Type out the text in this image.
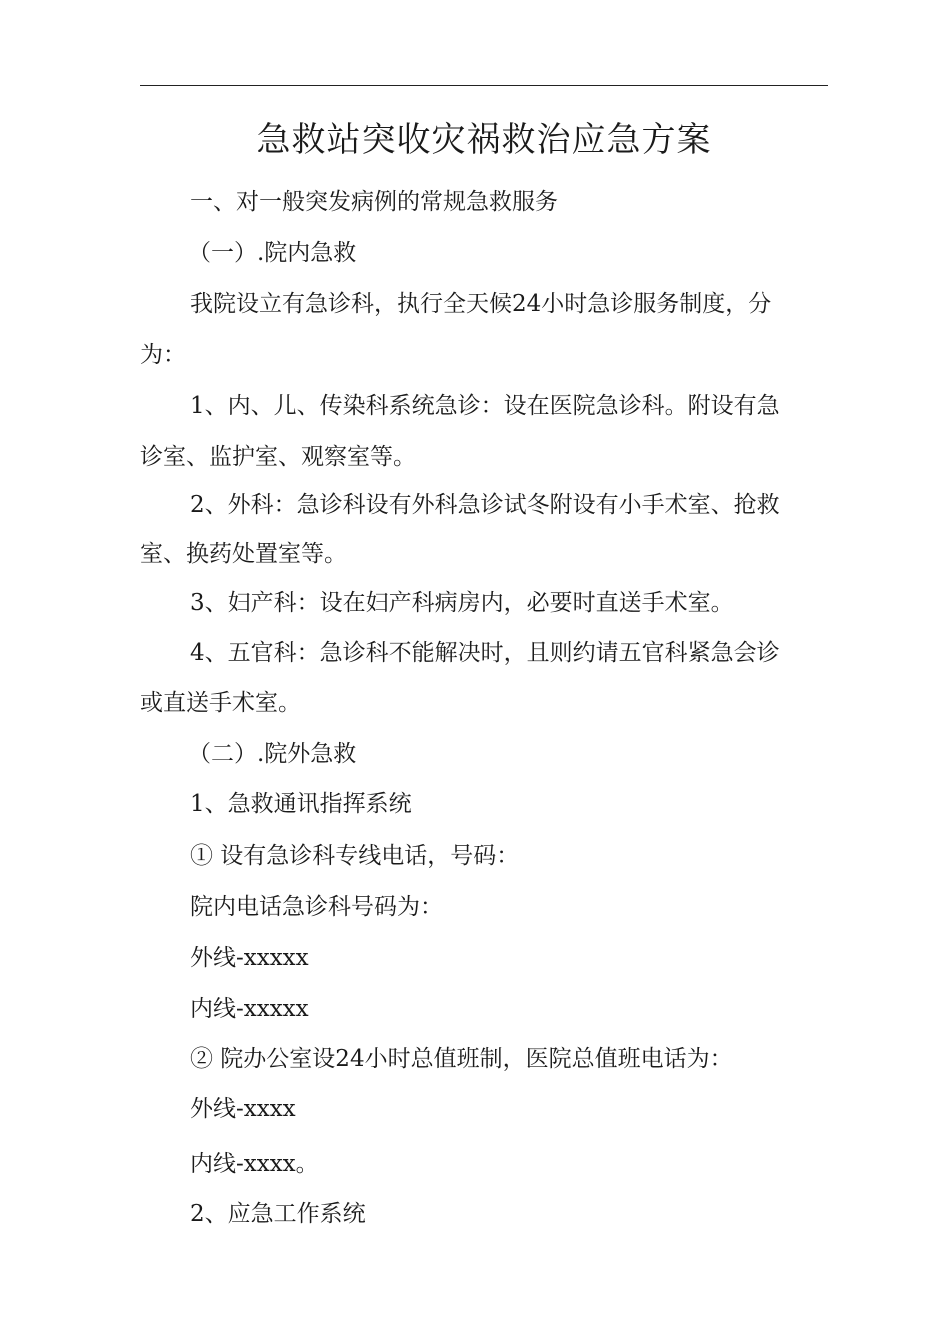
急救站突收灾祸救治应急方案
一、对一般突发病例的常规急救服务
（一）.院内急救
我院设立有急诊科，执行全天候24小时急诊服务制度，分
为：
1、内、儿、传染科系统急诊：设在医院急诊科。附设有急
诊室、监护室、观察室等。
2、外科：急诊科设有外科急诊试冬附设有小手术室、抢救
室、换药处置室等。
3、妇产科：设在妇产科病房内，必要时直送手术室。
4、五官科：急诊科不能解决时，且则约请五官科紧急会诊
或直送手术室。
（二）.院外急救
1、急救通讯指挥系统
① 设有急诊科专线电话，号码：
院内电话急诊科号码为：
外线-xxxxx
内线-xxxxx
② 院办公室设24小时总值班制，医院总值班电话为：
外线-xxxx
内线-xxxx。
2、应急工作系统
